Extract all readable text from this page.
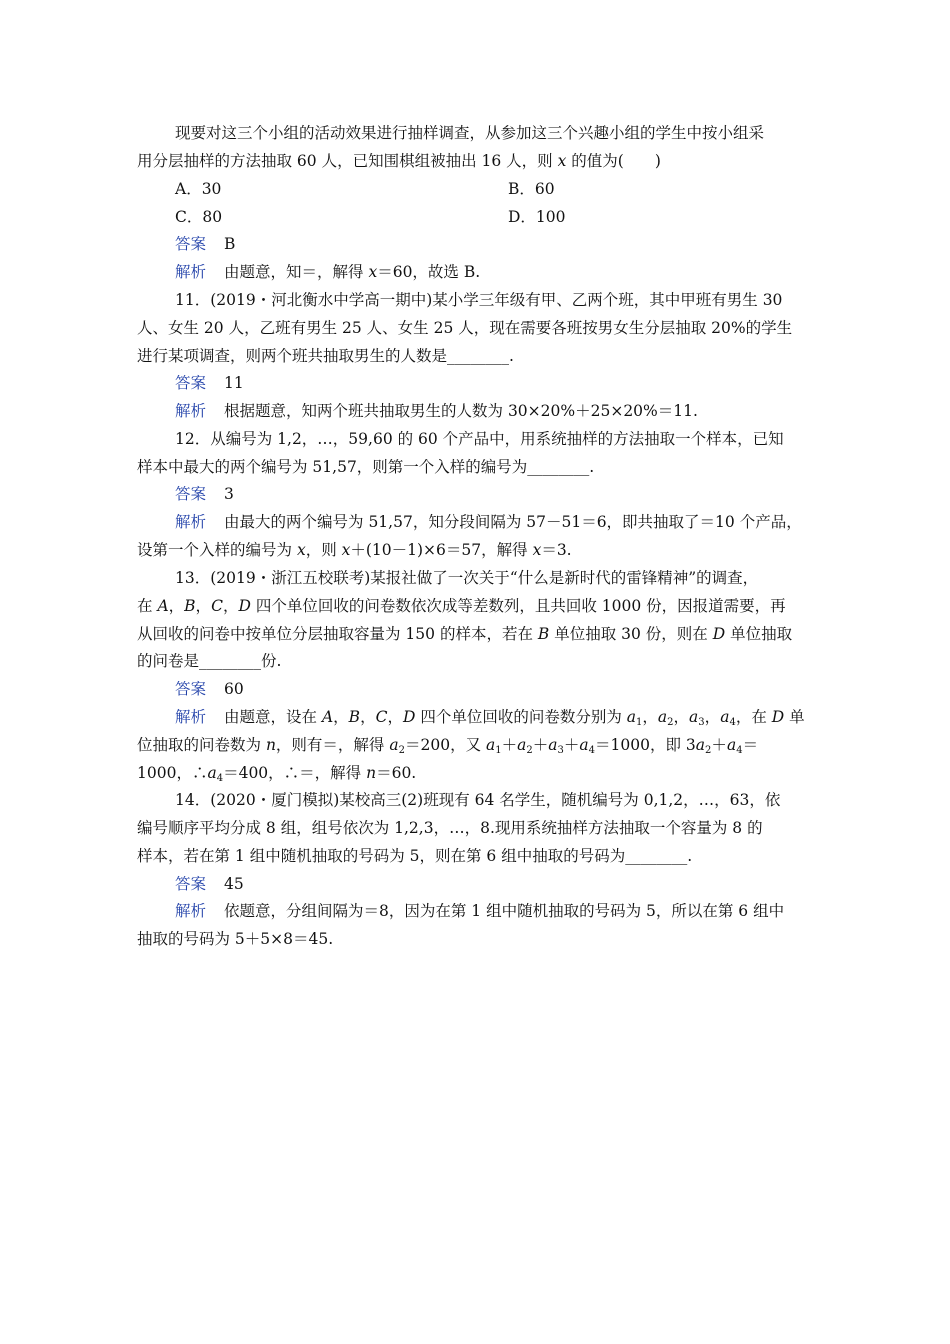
现要对这三个小组的活动效果进行抽样调查，从参加这三个兴趣小组的学生中按小组采
用分层抽样的方法抽取 60 人，已知围棋组被抽出 16 人，则 x 的值为(　　)
A．30	B．60
C．80	D．100
答案 B
解析 由题意，知＝，解得 x＝60，故选 B.
11．(2019・河北衡水中学高一期中)某小学三年级有甲、乙两个班，其中甲班有男生 30
人、女生 20 人，乙班有男生 25 人、女生 25 人，现在需要各班按男女生分层抽取 20%的学生
进行某项调查，则两个班共抽取男生的人数是________.
答案 11
解析 根据题意，知两个班共抽取男生的人数为 30×20%＋25×20%＝11.
12．从编号为 1,2，…，59,60 的 60 个产品中，用系统抽样的方法抽取一个样本，已知
样本中最大的两个编号为 51,57，则第一个入样的编号为________.
答案 3
解析 由最大的两个编号为 51,57，知分段间隔为 57－51＝6，即共抽取了＝10 个产品，
设第一个入样的编号为 x，则 x＋(10－1)×6＝57，解得 x＝3.
13．(2019・浙江五校联考)某报社做了一次关于“什么是新时代的雷锋精神”的调查，
在 A，B，C，D 四个单位回收的问卷数依次成等差数列，且共回收 1000 份，因报道需要，再
从回收的问卷中按单位分层抽取容量为 150 的样本，若在 B 单位抽取 30 份，则在 D 单位抽取
的问卷是________份.
答案 60
解析 由题意，设在 A，B，C，D 四个单位回收的问卷数分别为 $a_1$，$a_2$，$a_3$，$a_4$，在 D 单
位抽取的问卷数为 n，则有＝，解得 $a_2=200$，又 $a_1+a_2+a_3+a_4=1000$，即 $3a_2+a_4=$
1000，$\therefore a_4=400$，∴＝，解得 n＝60.
14．(2020・厦门模拟)某校高三(2)班现有 64 名学生，随机编号为 0,1,2，…，63，依
编号顺序平均分成 8 组，组号依次为 1,2,3，…，8.现用系统抽样方法抽取一个容量为 8 的
样本，若在第 1 组中随机抽取的号码为 5，则在第 6 组中抽取的号码为________.
答案 45
解析 依题意，分组间隔为＝8，因为在第 1 组中随机抽取的号码为 5，所以在第 6 组中
抽取的号码为 5＋5×8＝45.
